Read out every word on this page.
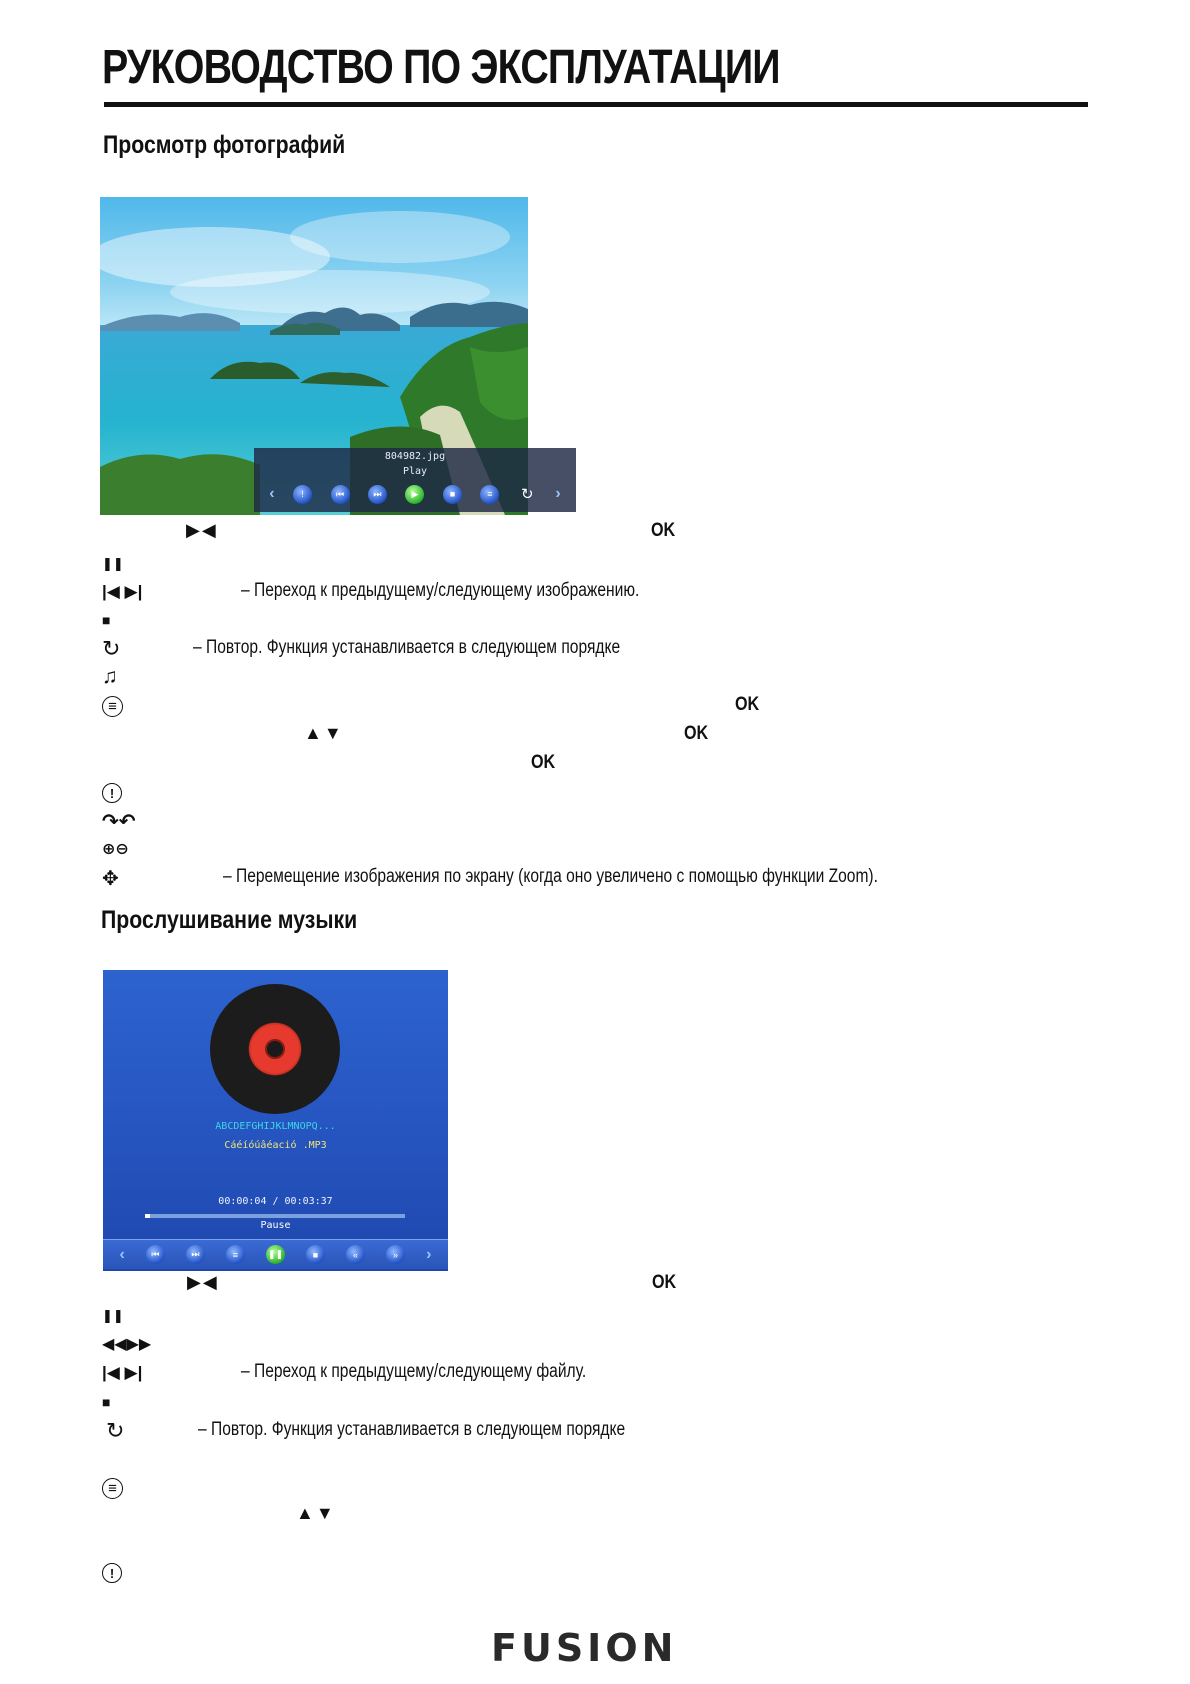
РУКОВОДСТВО ПО ЭКСПЛУАТАЦИИ
Просмотр фотографий
804982.jpg
Play
‹	!	⏮	⏭	▶	■	≡	↻ ›
▶◀	OK
❚❚
|◀ ▶|	– Переход к предыдущему/следующему изображению.
■
↻	– Повтор. Функция устанавливается в следующем порядке
♫
≡	OK
▲▼	OK
OK
!
↷↶
⊕⊖
✥	– Перемещение изображения по экрану (когда оно увеличено с помощью функции Zoom).
Прослушивание музыки
ABCDEFGHIJKLMNOPQ...
Cáéíóúâéació .MP3
00:00:04 / 00:03:37
Pause
‹	⏮	⏭	≡	❚❚	■	«	»	›
▶◀	OK
❚❚
◀◀▶▶
|◀ ▶|	– Переход к предыдущему/следующему файлу.
■
↻	– Повтор. Функция устанавливается в следующем порядке
≡
▲▼
!
FUSION
